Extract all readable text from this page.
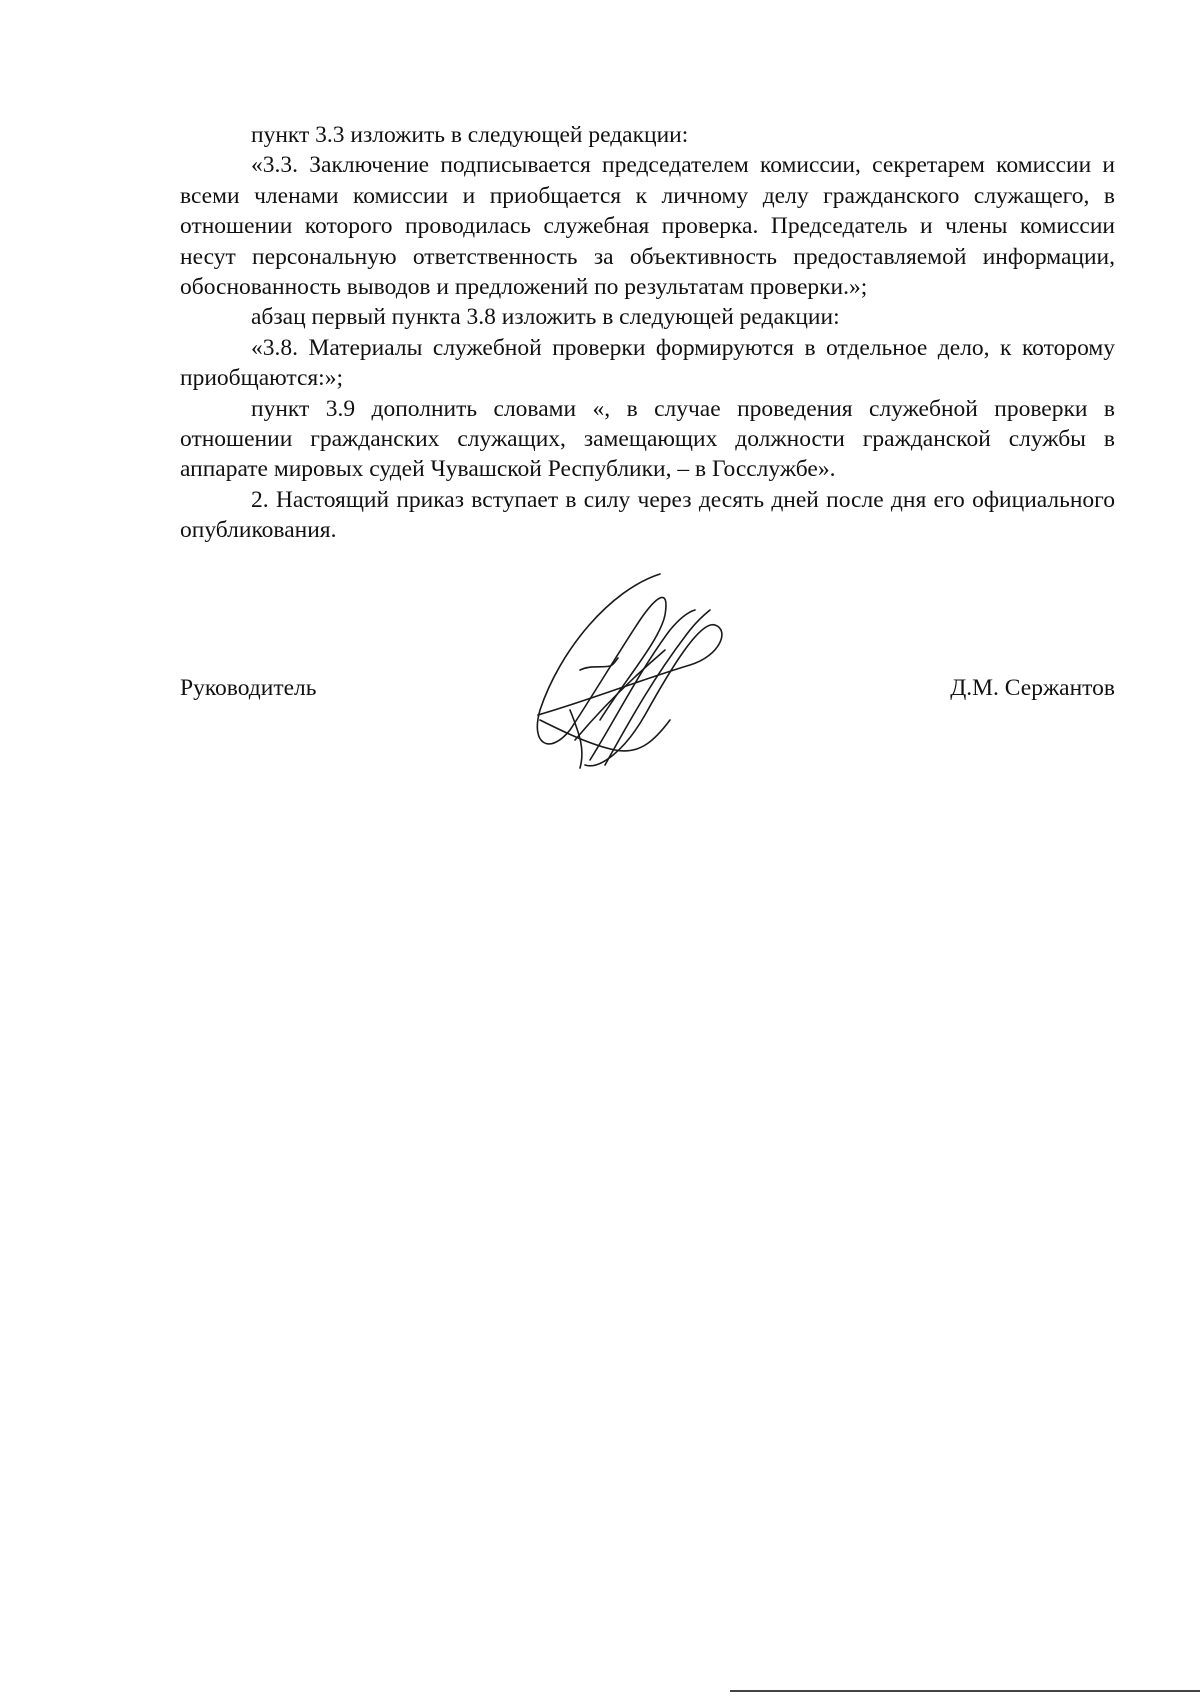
пункт 3.3 изложить в следующей редакции:

«3.3. Заключение подписывается председателем комиссии, секретарем комиссии и всеми членами комиссии и приобщается к личному делу гражданского служащего, в отношении которого проводилась служебная проверка. Председатель и члены комиссии несут персональную ответственность за объективность предоставляемой информации, обоснованность выводов и предложений по результатам проверки.»;

абзац первый пункта 3.8 изложить в следующей редакции:

«3.8. Материалы служебной проверки формируются в отдельное дело, к которому приобщаются:»;

пункт 3.9 дополнить словами «, в случае проведения служебной проверки в отношении гражданских служащих, замещающих должности гражданской службы в аппарате мировых судей Чувашской Республики, – в Госслужбе».

2. Настоящий приказ вступает в силу через десять дней после дня его официального опубликования.

Руководитель	Д.М. Сержантов
